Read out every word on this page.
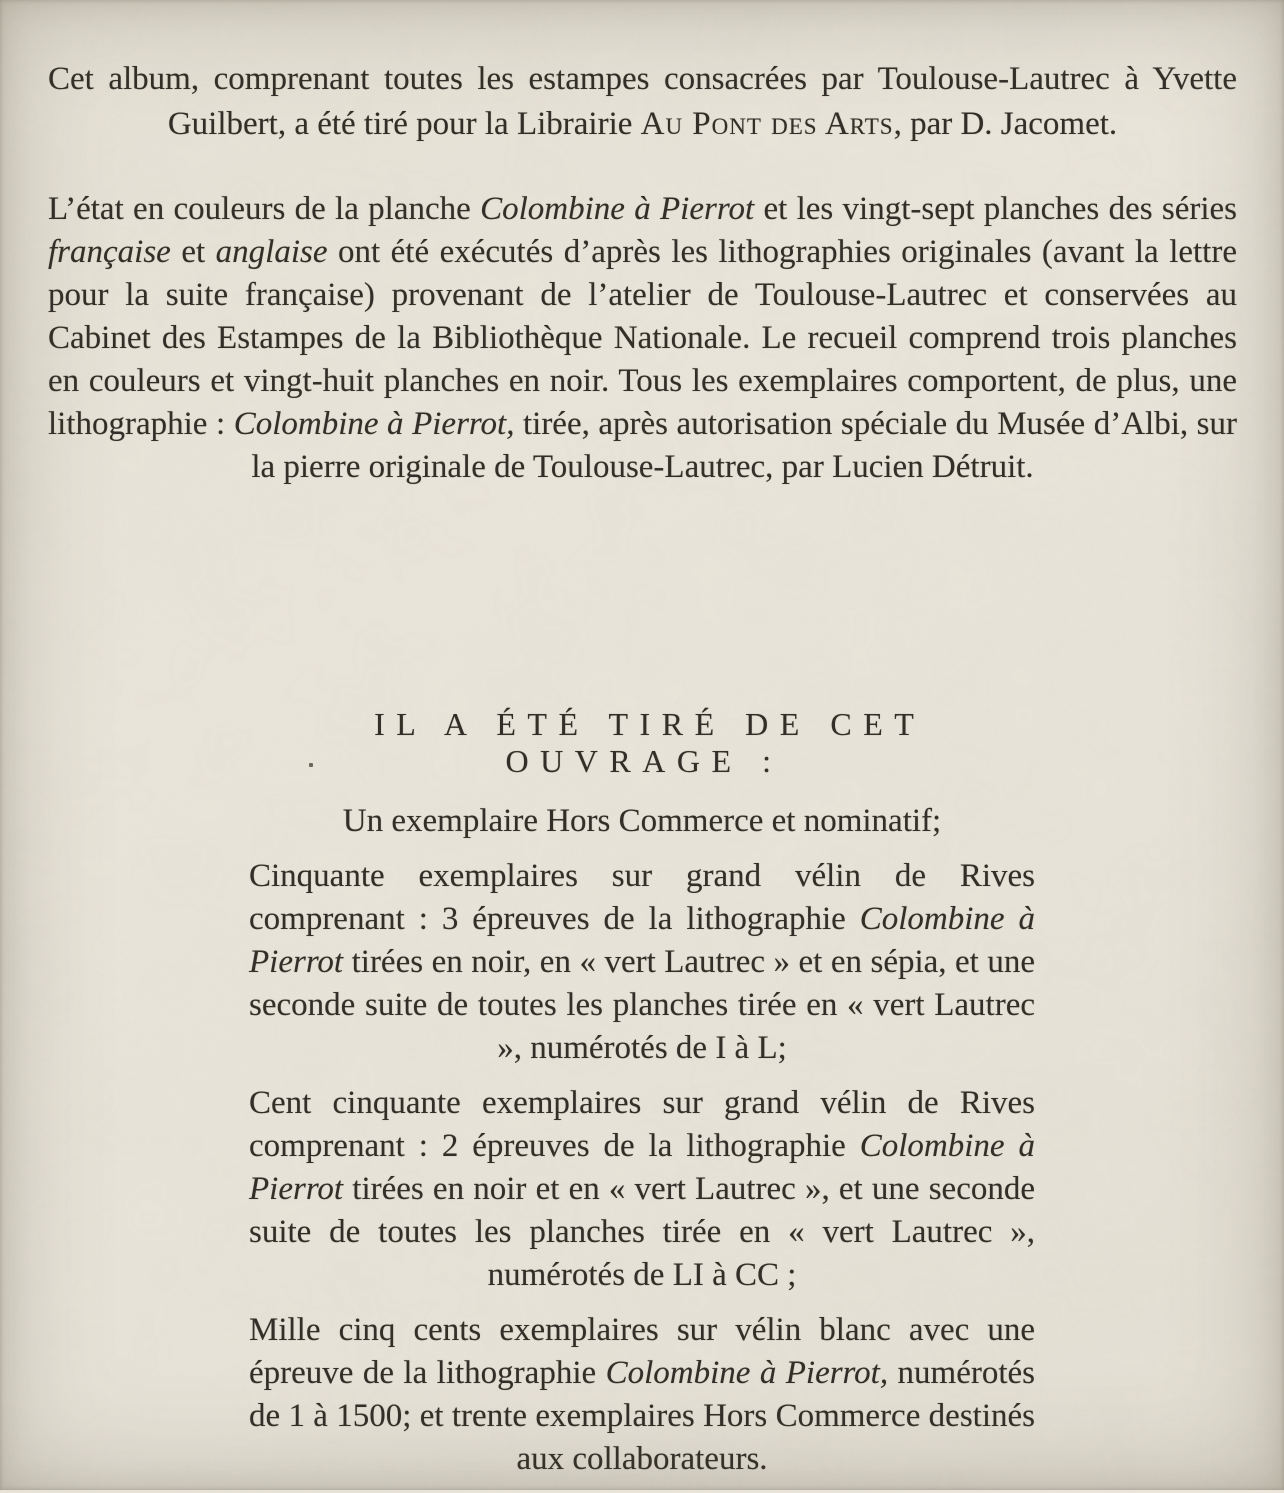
Cet album, comprenant toutes les estampes consacrées par Toulouse-Lautrec à Yvette Guilbert, a été tiré pour la Librairie Au Pont des Arts, par D. Jacomet.

L’état en couleurs de la planche Colombine à Pierrot et les vingt-sept planches des séries française et anglaise ont été exécutés d’après les lithographies originales (avant la lettre pour la suite française) provenant de l’atelier de Toulouse-Lautrec et conservées au Cabinet des Estampes de la Bibliothèque Nationale. Le recueil comprend trois planches en couleurs et vingt-huit planches en noir. Tous les exemplaires comportent, de plus, une lithographie : Colombine à Pierrot, tirée, après autorisation spéciale du Musée d’Albi, sur la pierre originale de Toulouse-Lautrec, par Lucien Détruit.

IL A ÉTÉ TIRÉ DE CET OUVRAGE :

Un exemplaire Hors Commerce et nominatif;

Cinquante exemplaires sur grand vélin de Rives comprenant : 3 épreuves de la lithographie Colombine à Pierrot tirées en noir, en « vert Lautrec » et en sépia, et une seconde suite de toutes les planches tirée en « vert Lautrec », numérotés de I à L;

Cent cinquante exemplaires sur grand vélin de Rives comprenant : 2 épreuves de la lithographie Colombine à Pierrot tirées en noir et en « vert Lautrec », et une seconde suite de toutes les planches tirée en « vert Lautrec », numérotés de LI à CC ;

Mille cinq cents exemplaires sur vélin blanc avec une épreuve de la lithographie Colombine à Pierrot, numérotés de 1 à 1500; et trente exemplaires Hors Commerce destinés aux collaborateurs.
